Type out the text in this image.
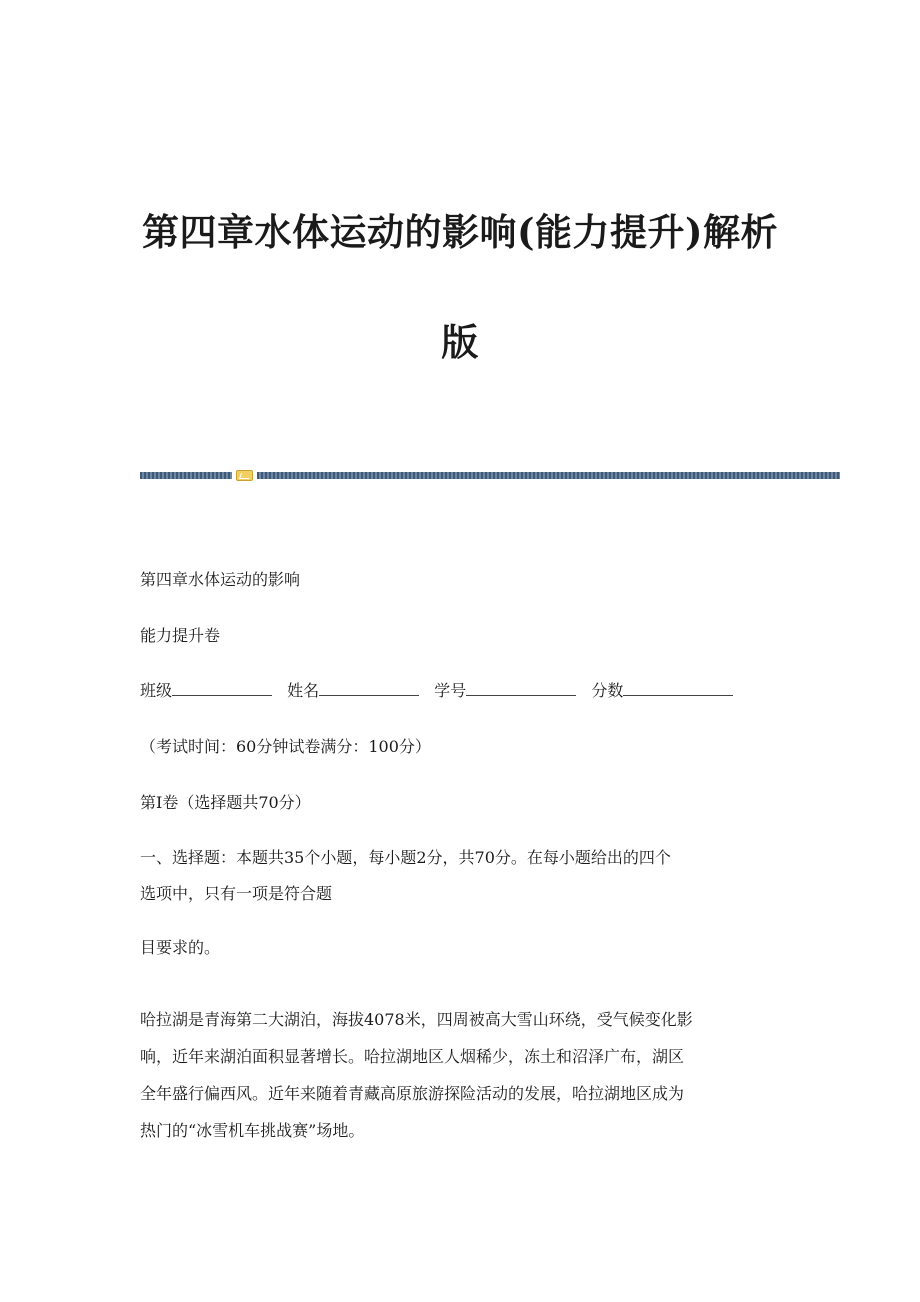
第四章水体运动的影响(能力提升)解析

版

第四章水体运动的影响
能力提升卷
班级	姓名	学号	分数
（考试时间：60分钟试卷满分：100分）
第Ⅰ卷（选择题共70分）
一、选择题：本题共35个小题，每小题2分，共70分。在每小题给出的四个
选项中，只有一项是符合题
目要求的。
哈拉湖是青海第二大湖泊，海拔4078米，四周被高大雪山环绕，受气候变化影
响，近年来湖泊面积显著增长。哈拉湖地区人烟稀少，冻土和沼泽广布，湖区
全年盛行偏西风。近年来随着青藏高原旅游探险活动的发展，哈拉湖地区成为
热门的“冰雪机车挑战赛”场地。
